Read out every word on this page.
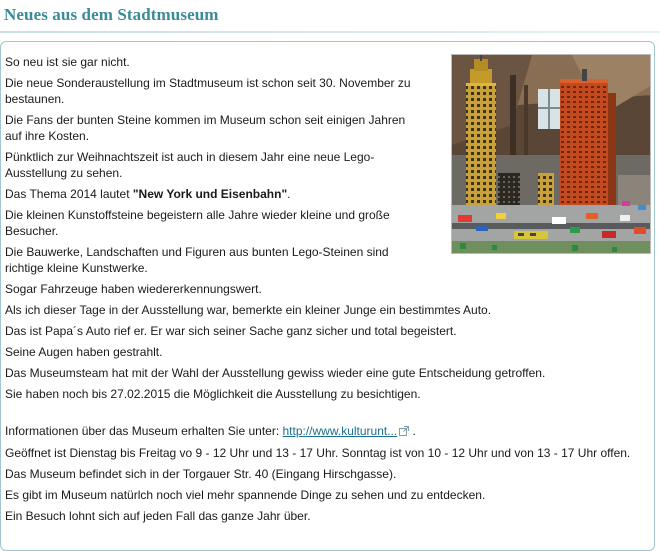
Neues aus dem Stadtmuseum

So neu ist sie gar nicht.

Die neue Sonderaustellung im Stadtmuseum ist schon seit 30. November zu bestaunen.

Die Fans der bunten Steine kommen im Museum schon seit einigen Jahren auf ihre Kosten.

Pünktlich zur Weihnachtszeit ist auch in diesem Jahr eine neue Lego-Ausstellung zu sehen.

Das Thema 2014 lautet "New York und Eisenbahn".

Die kleinen Kunstoffsteine begeistern alle Jahre wieder kleine und große Besucher.

Die Bauwerke, Landschaften und Figuren aus bunten Lego-Steinen sind richtige kleine Kunstwerke.

Sogar Fahrzeuge haben wiedererkennungswert.

Als ich dieser Tage in der Ausstellung war, bemerkte ein kleiner Junge ein bestimmtes Auto.

Das ist Papa´s Auto rief er. Er war sich seiner Sache ganz sicher und total begeistert.

Seine Augen haben gestrahlt.

Das Museumsteam hat mit der Wahl der Ausstellung gewiss wieder eine gute Entscheidung getroffen.

Sie haben noch bis 27.02.2015 die Möglichkeit die Ausstellung zu besichtigen.

Informationen über das Museum erhalten Sie unter: http://www.kulturunt... .

Geöffnet ist Dienstag bis Freitag vo 9 - 12 Uhr und 13 - 17 Uhr. Sonntag ist von 10 - 12 Uhr und von 13 - 17 Uhr offen.

Das Museum befindet sich in der Torgauer Str. 40 (Eingang Hirschgasse).

Es gibt im Museum natürlch noch viel mehr spannende Dinge zu sehen und zu entdecken.

Ein Besuch lohnt sich auf jeden Fall das ganze Jahr über.
